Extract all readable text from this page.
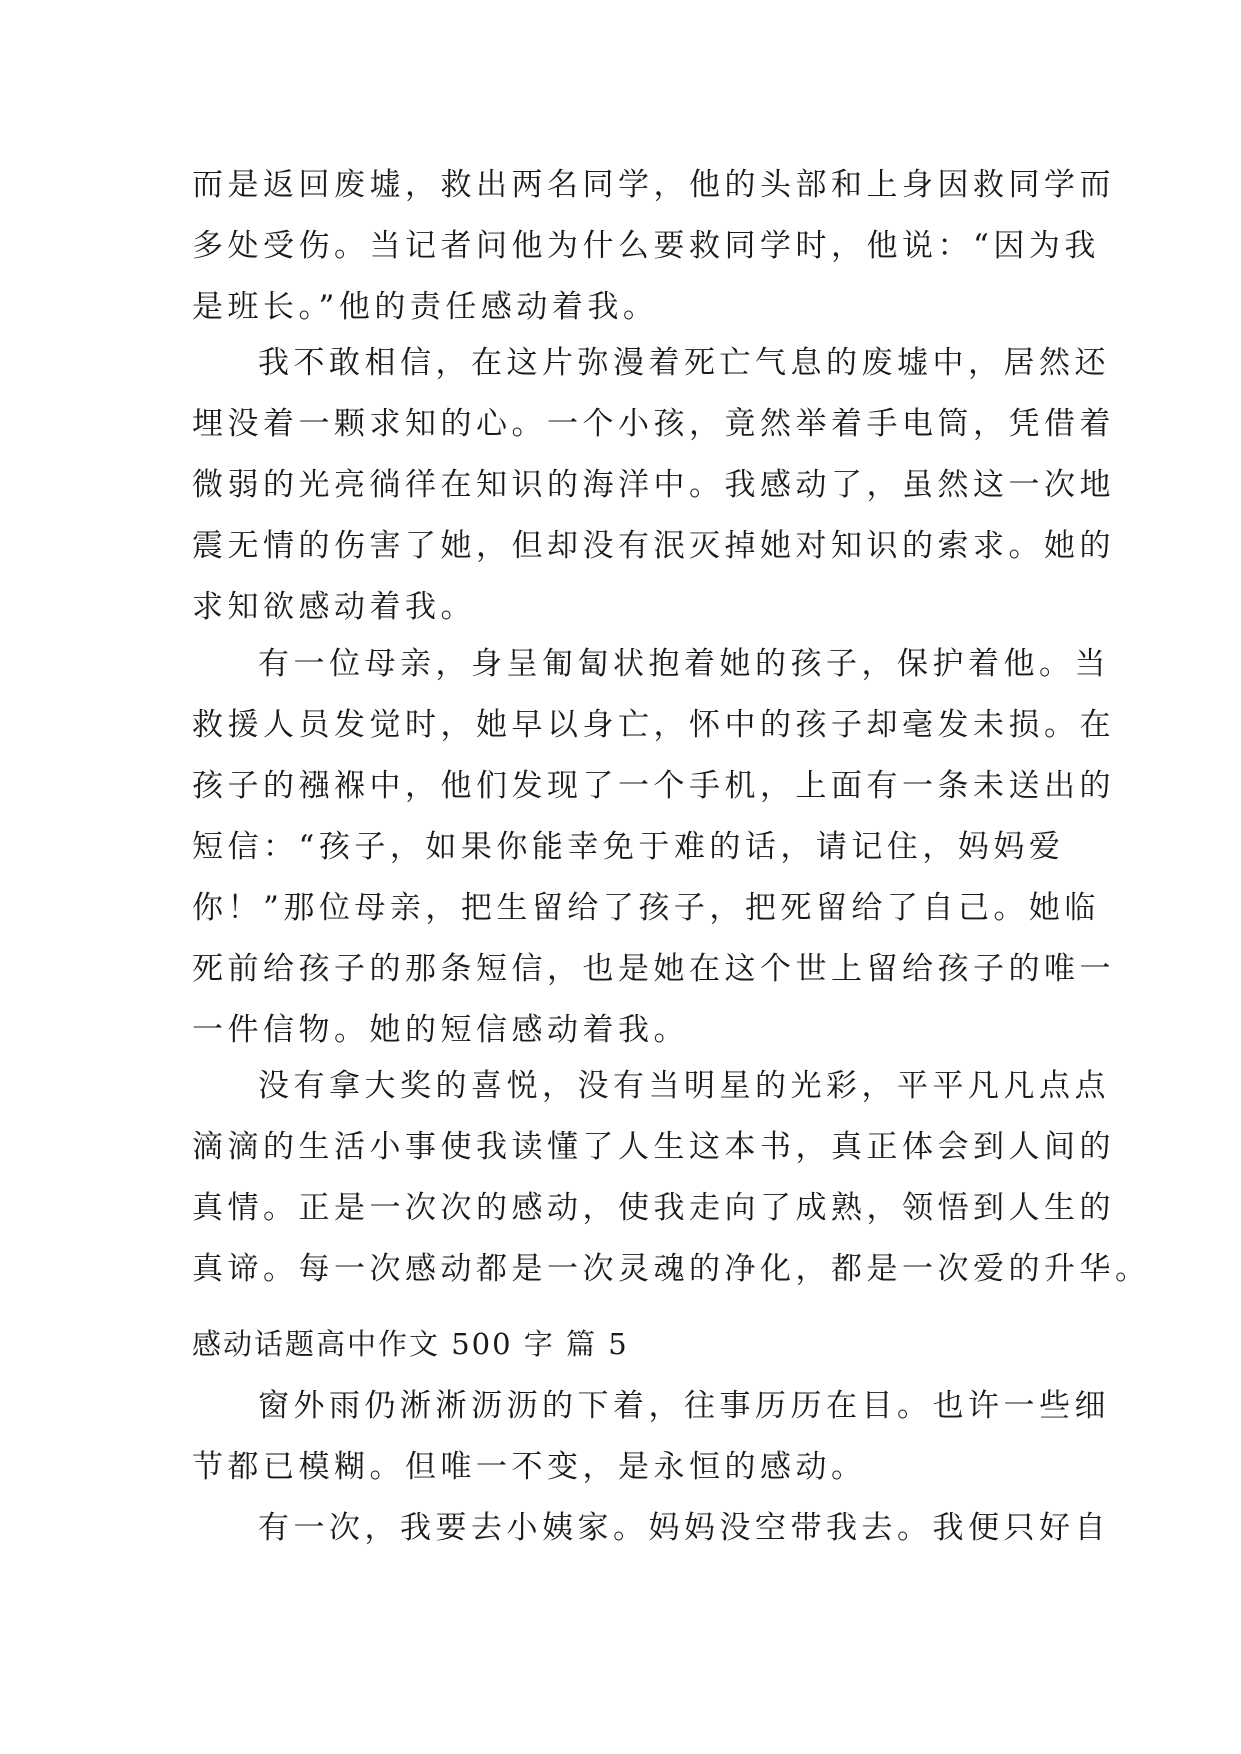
而是返回废墟，救出两名同学，他的头部和上身因救同学而
多处受伤。当记者问他为什么要救同学时，他说：“因为我
是班长。”他的责任感动着我。
我不敢相信，在这片弥漫着死亡气息的废墟中，居然还
埋没着一颗求知的心。一个小孩，竟然举着手电筒，凭借着
微弱的光亮徜徉在知识的海洋中。我感动了，虽然这一次地
震无情的伤害了她，但却没有泯灭掉她对知识的索求。她的
求知欲感动着我。
有一位母亲，身呈匍匐状抱着她的孩子，保护着他。当
救援人员发觉时，她早以身亡，怀中的孩子却毫发未损。在
孩子的襁褓中，他们发现了一个手机，上面有一条未送出的
短信：“孩子，如果你能幸免于难的话，请记住，妈妈爱
你！”那位母亲，把生留给了孩子，把死留给了自己。她临
死前给孩子的那条短信，也是她在这个世上留给孩子的唯一
一件信物。她的短信感动着我。
没有拿大奖的喜悦，没有当明星的光彩，平平凡凡点点
滴滴的生活小事使我读懂了人生这本书，真正体会到人间的
真情。正是一次次的感动，使我走向了成熟，领悟到人生的
真谛。每一次感动都是一次灵魂的净化，都是一次爱的升华。
感动话题高中作文 500 字 篇 5
窗外雨仍淅淅沥沥的下着，往事历历在目。也许一些细
节都已模糊。但唯一不变，是永恒的感动。
有一次，我要去小姨家。妈妈没空带我去。我便只好自
